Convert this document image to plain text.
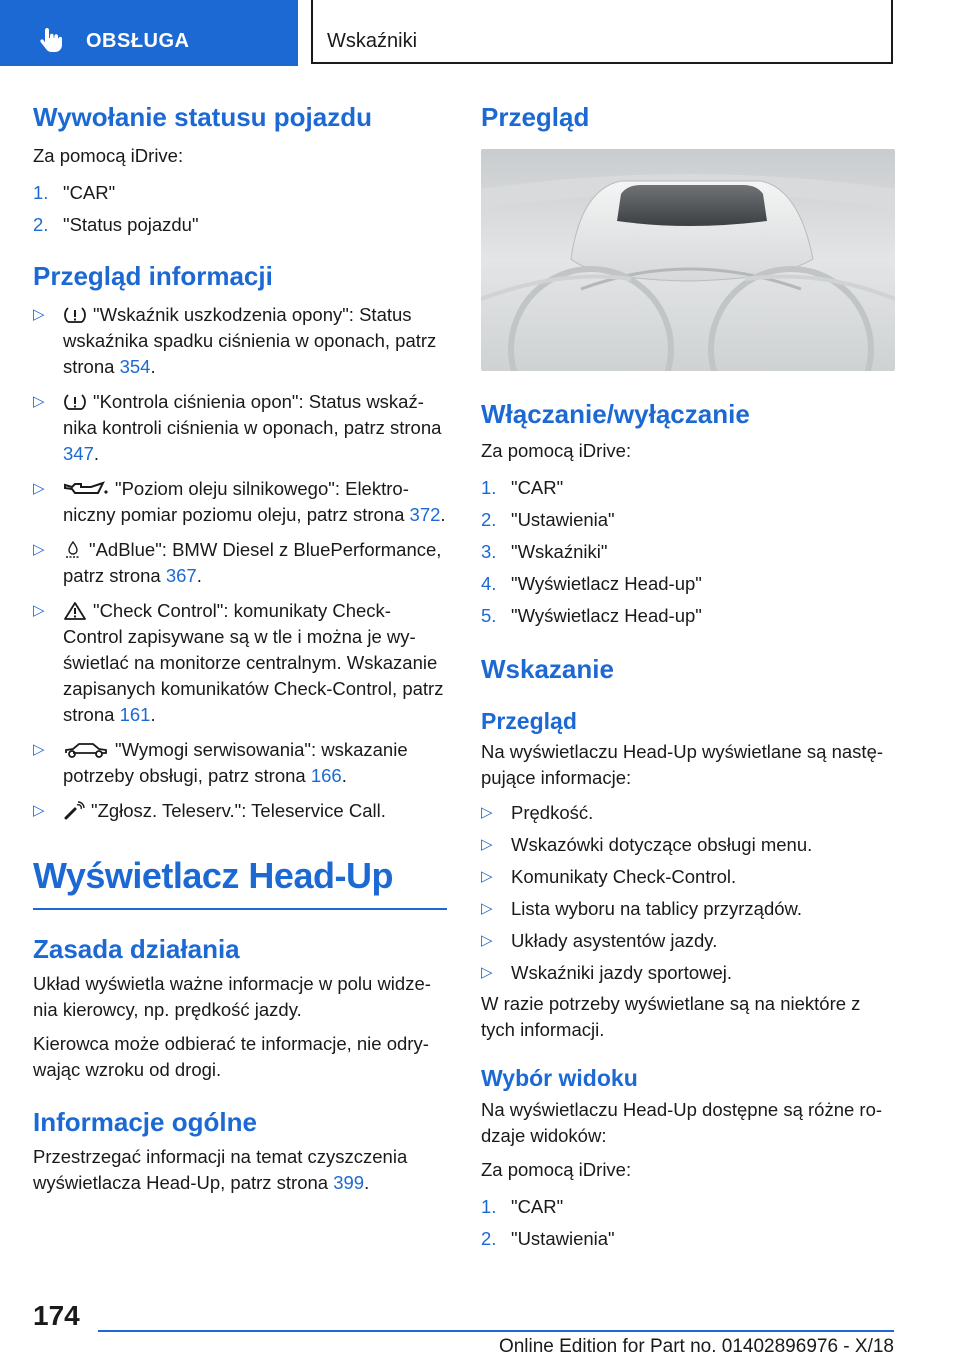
OBSŁUGA	Wskaźniki
Wywołanie statusu pojazdu

Za pomocą iDrive:

1. "CAR"
2. "Status pojazdu"
Przegląd informacji
▷	"Wskaźnik uszkodzenia opony": Status wskaźnika spadku ciśnienia w oponach, patrz strona 354.
▷	"Kontrola ciśnienia opon": Status wskaźnika kontroli ciśnienia w oponach, patrz strona 347.
▷	"Poziom oleju silnikowego": Elektroniczny pomiar poziomu oleju, patrz strona 372.
▷ "AdBlue": BMW Diesel z BluePerformance, patrz strona 367.
▷	"Check Control": komunikaty Check-Control zapisywane są w tle i można je wyświetlać na monitorze centralnym. Wskazanie zapisanych komunikatów Check-Control, patrz strona 161.
▷	"Wymogi serwisowania": wskazanie potrzeby obsługi, patrz strona 166.
▷	"Zgłosz. Teleserv.": Teleservice Call.
Wyświetlacz Head-Up
Zasada działania

Układ wyświetla ważne informacje w polu widzenia kierowcy, np. prędkość jazdy.

Kierowca może odbierać te informacje, nie odrywając wzroku od drogi.

Informacje ogólne

Przestrzegać informacji na temat czyszczenia wyświetlacza Head-Up, patrz strona 399.

Przegląd
Włączanie/wyłączanie

Za pomocą iDrive:

1. "CAR"
2. "Ustawienia"
3. "Wskaźniki"
4. "Wyświetlacz Head-up"
5. "Wyświetlacz Head-up"
Wskazanie
Przegląd

Na wyświetlaczu Head-Up wyświetlane są następujące informacje:

▷ Prędkość.
▷ Wskazówki dotyczące obsługi menu.
▷ Komunikaty Check-Control.
▷ Lista wyboru na tablicy przyrządów.
▷ Układy asystentów jazdy.
▷ Wskaźniki jazdy sportowej.

W razie potrzeby wyświetlane są na niektóre z tych informacji.

Wybór widoku

Na wyświetlaczu Head-Up dostępne są różne rodzaje widoków:

Za pomocą iDrive:

1. "CAR"
2. "Ustawienia"
174
Online Edition for Part no. 01402896976 - X/18
